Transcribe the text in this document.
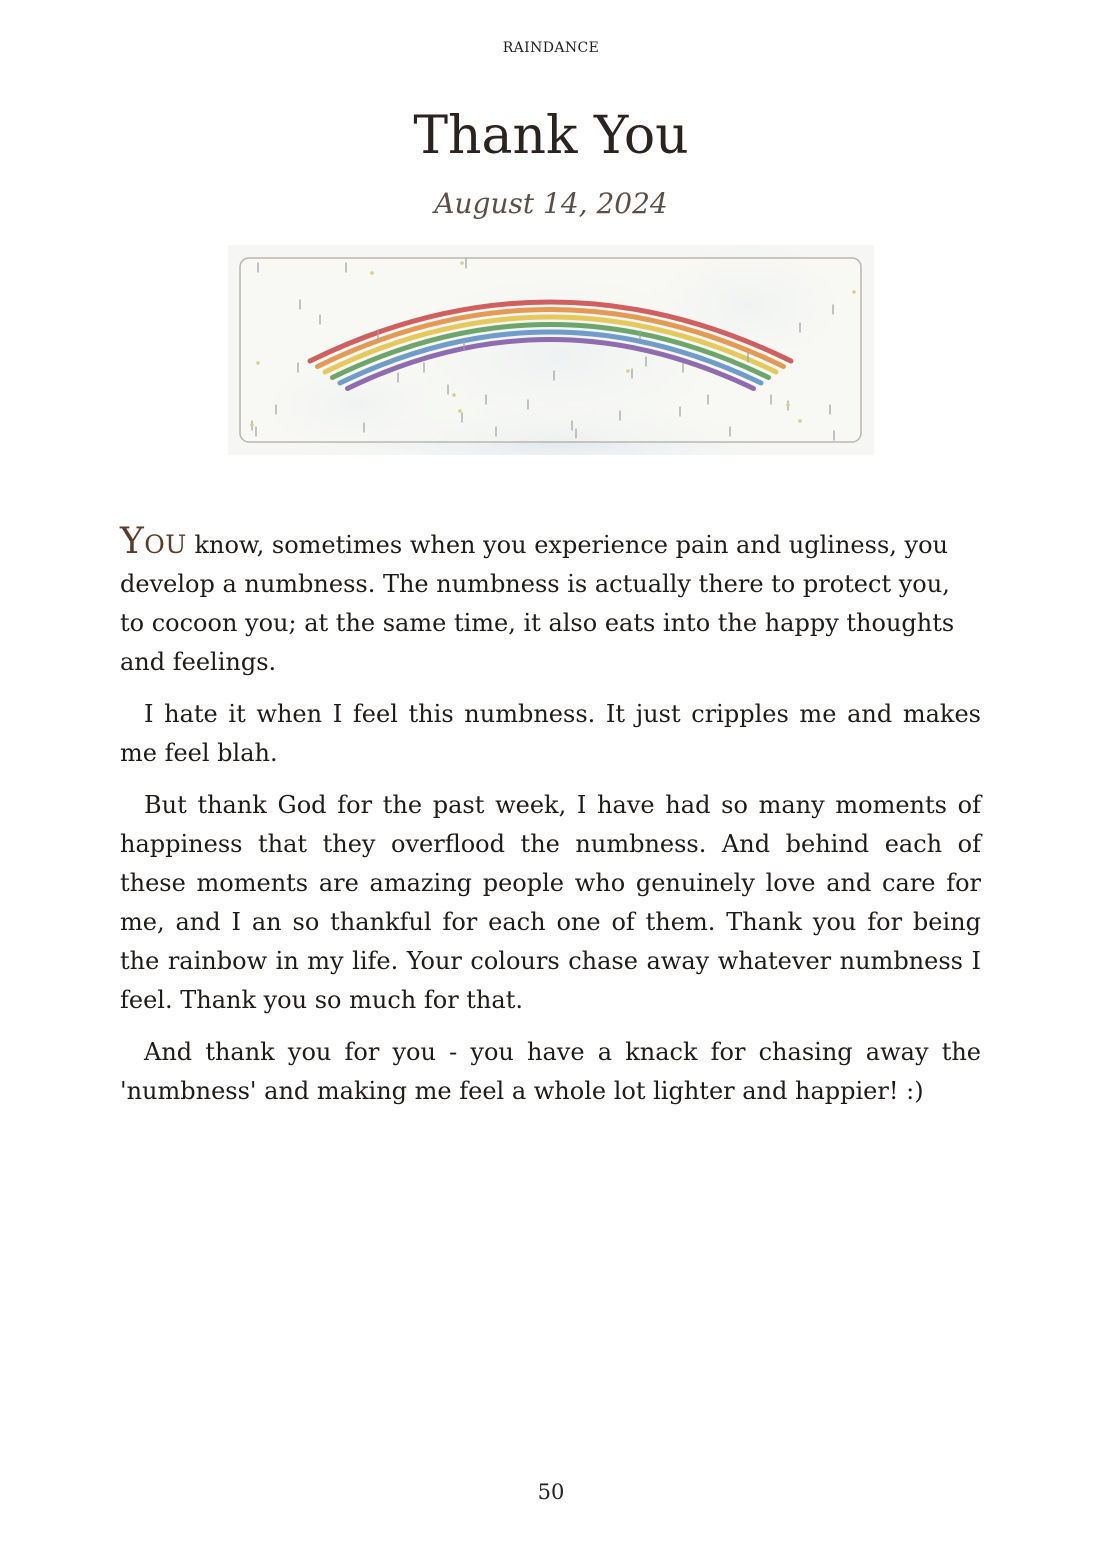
RAINDANCE
Thank You
August 14, 2024

You know, sometimes when you experience pain and ugliness, you develop a numbness. The numbness is actually there to protect you, to cocoon you; at the same time, it also eats into the happy thoughts and feelings.

I hate it when I feel this numbness. It just cripples me and makes me feel blah.

But thank God for the past week, I have had so many moments of happiness that they overflood the numbness. And behind each of these moments are amazing people who genuinely love and care for me, and I an so thankful for each one of them. Thank you for being the rainbow in my life. Your colours chase away whatever numbness I feel. Thank you so much for that.

And thank you for you - you have a knack for chasing away the 'numbness' and making me feel a whole lot lighter and happier! :)

50
